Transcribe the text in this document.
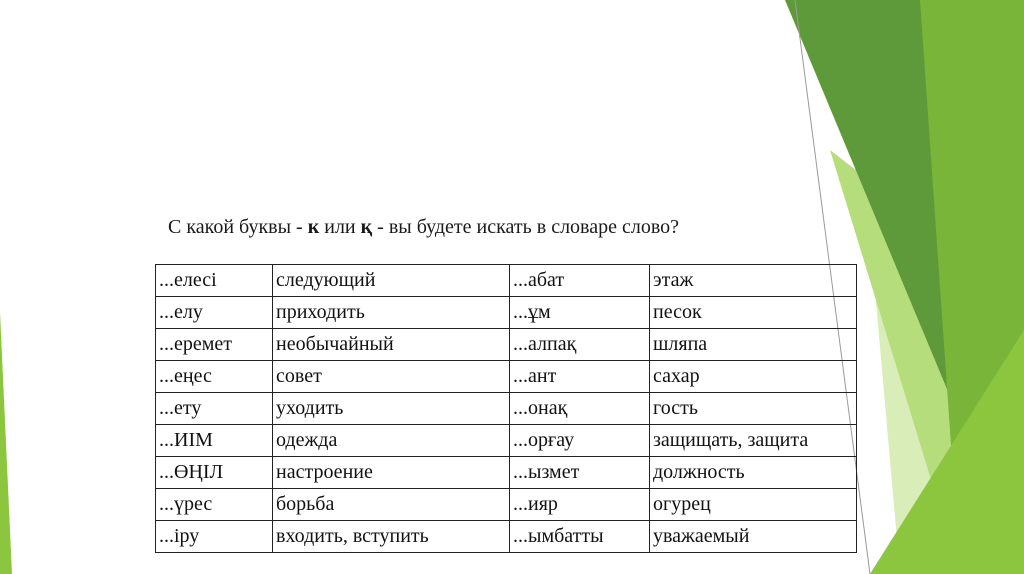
С какой буквы - к или қ - вы будете искать в словаре слово?
...елесі	следующий	...абат	этаж
...елу	приходить	...ұм	песок
...еремет	необычайный	...алпақ	шляпа
...еңес	совет	...ант	сахар
...ету	уходить	...онақ	гость
...ИІМ	одежда	...орғау	защищать, защита
...ӨҢІЛ	настроение	...ызмет	должность
...үрес	борьба	...ияр	огурец
...іру	входить, вступить	...ымбатты	уважаемый
